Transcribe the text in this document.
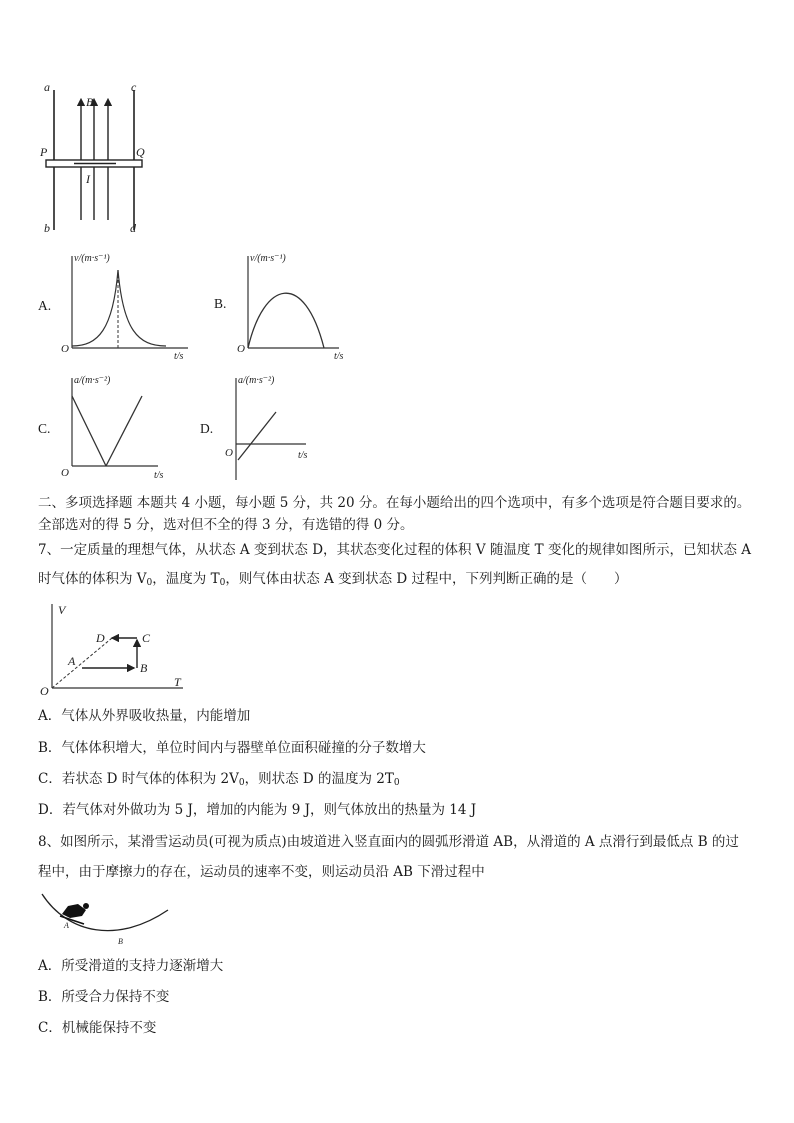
a	c
B
P	Q
I
b	d
A.
v/(m·s⁻¹)
t/s
O
B.
v/(m·s⁻¹)
t/s
O
C.
a/(m·s⁻²)
t/s
O
D.
a/(m·s⁻²)
t/s
O
二、多项选择题 本题共 4 小题，每小题 5 分，共 20 分。在每小题给出的四个选项中，有多个选项是符合题目要求的。
全部选对的得 5 分，选对但不全的得 3 分，有选错的得 0 分。
7、一定质量的理想气体，从状态 A 变到状态 D，其状态变化过程的体积 V 随温度 T 变化的规律如图所示，已知状态 A
时气体的体积为 $V_0$，温度为 $T_0$，则气体由状态 A 变到状态 D 过程中，下列判断正确的是（　　）
V
T
O
A	B
C
D
A．气体从外界吸收热量，内能增加
B．气体体积增大，单位时间内与器壁单位面积碰撞的分子数增大
C．若状态 D 时气体的体积为 $2V_0$，则状态 D 的温度为 $2T_0$
D．若气体对外做功为 5 J，增加的内能为 9 J，则气体放出的热量为 14 J
8、如图所示，某滑雪运动员(可视为质点)由坡道进入竖直面内的圆弧形滑道 AB，从滑道的 A 点滑行到最低点 B 的过
程中，由于摩擦力的存在，运动员的速率不变，则运动员沿 AB 下滑过程中
A
B
A．所受滑道的支持力逐渐增大
B．所受合力保持不变
C．机械能保持不变
